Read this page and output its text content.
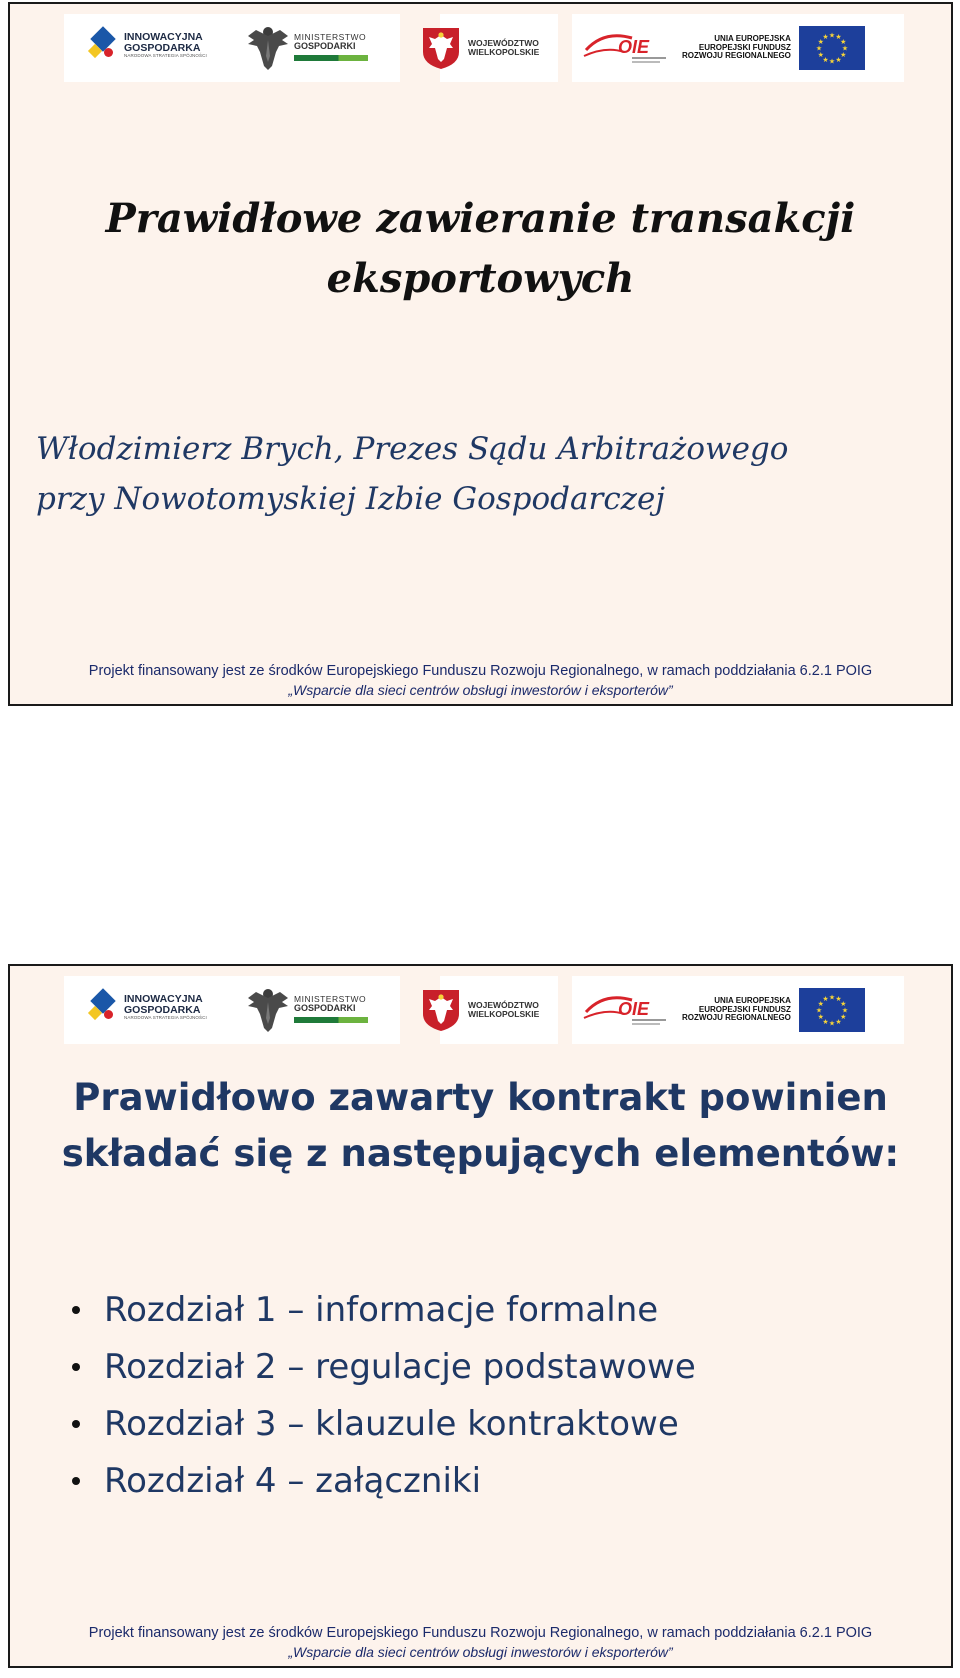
INNOWACYJNA
GOSPODARKA
NARODOWA STRATEGIA SPÓJNOŚCI
MINISTERSTWO
GOSPODARKI	WOJEWÓDZTWO
WIELKOPOLSKIE	OIE	UNIA EUROPEJSKA
EUROPEJSKI FUNDUSZ
ROZWOJU REGIONALNEGO
★
★
★
★
★
★
★
★
★ ★ ★
★
Prawidłowe zawieranie transakcji
eksportowych
Włodzimierz Brych, Prezes Sądu Arbitrażowego
przy Nowotomyskiej Izbie Gospodarczej
Projekt finansowany jest ze środków Europejskiego Funduszu Rozwoju Regionalnego, w ramach poddziałania 6.2.1 POIG
„Wsparcie dla sieci centrów obsługi inwestorów i eksporterów”
INNOWACYJNA
GOSPODARKA
NARODOWA STRATEGIA SPÓJNOŚCI
MINISTERSTWO
GOSPODARKI	WOJEWÓDZTWO
WIELKOPOLSKIE	OIE	UNIA EUROPEJSKA
EUROPEJSKI FUNDUSZ
ROZWOJU REGIONALNEGO
★
★
★
★
★
★
★
★
★ ★ ★
★
Prawidłowo zawarty kontrakt powinien
składać się z następujących elementów:
Rozdział 1 – informacje formalne
Rozdział 2 – regulacje podstawowe
Rozdział 3 – klauzule kontraktowe
Rozdział 4 – załączniki
Projekt finansowany jest ze środków Europejskiego Funduszu Rozwoju Regionalnego, w ramach poddziałania 6.2.1 POIG
„Wsparcie dla sieci centrów obsługi inwestorów i eksporterów”
